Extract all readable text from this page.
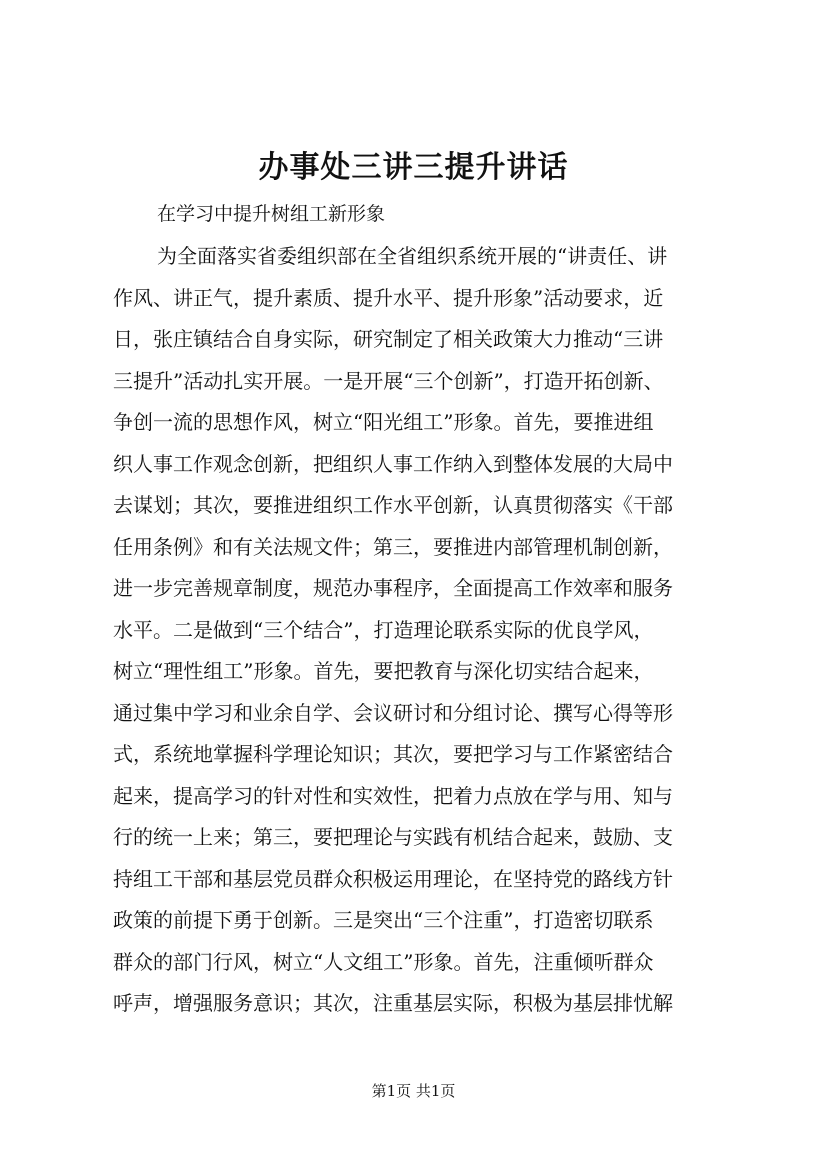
办事处三讲三提升讲话
在学习中提升树组工新形象
为全面落实省委组织部在全省组织系统开展的“讲责任、讲
作风、讲正气，提升素质、提升水平、提升形象”活动要求，近
日，张庄镇结合自身实际，研究制定了相关政策大力推动“三讲
三提升”活动扎实开展。一是开展“三个创新”，打造开拓创新、
争创一流的思想作风，树立“阳光组工”形象。首先，要推进组
织人事工作观念创新，把组织人事工作纳入到整体发展的大局中
去谋划；其次，要推进组织工作水平创新，认真贯彻落实《干部
任用条例》和有关法规文件；第三，要推进内部管理机制创新，
进一步完善规章制度，规范办事程序，全面提高工作效率和服务
水平。二是做到“三个结合”，打造理论联系实际的优良学风，
树立“理性组工”形象。首先，要把教育与深化切实结合起来，
通过集中学习和业余自学、会议研讨和分组讨论、撰写心得等形
式，系统地掌握科学理论知识；其次，要把学习与工作紧密结合
起来，提高学习的针对性和实效性，把着力点放在学与用、知与
行的统一上来；第三，要把理论与实践有机结合起来，鼓励、支
持组工干部和基层党员群众积极运用理论，在坚持党的路线方针
政策的前提下勇于创新。三是突出“三个注重”，打造密切联系
群众的部门行风，树立“人文组工”形象。首先，注重倾听群众
呼声，增强服务意识；其次，注重基层实际，积极为基层排忧解
第1页 共1页
